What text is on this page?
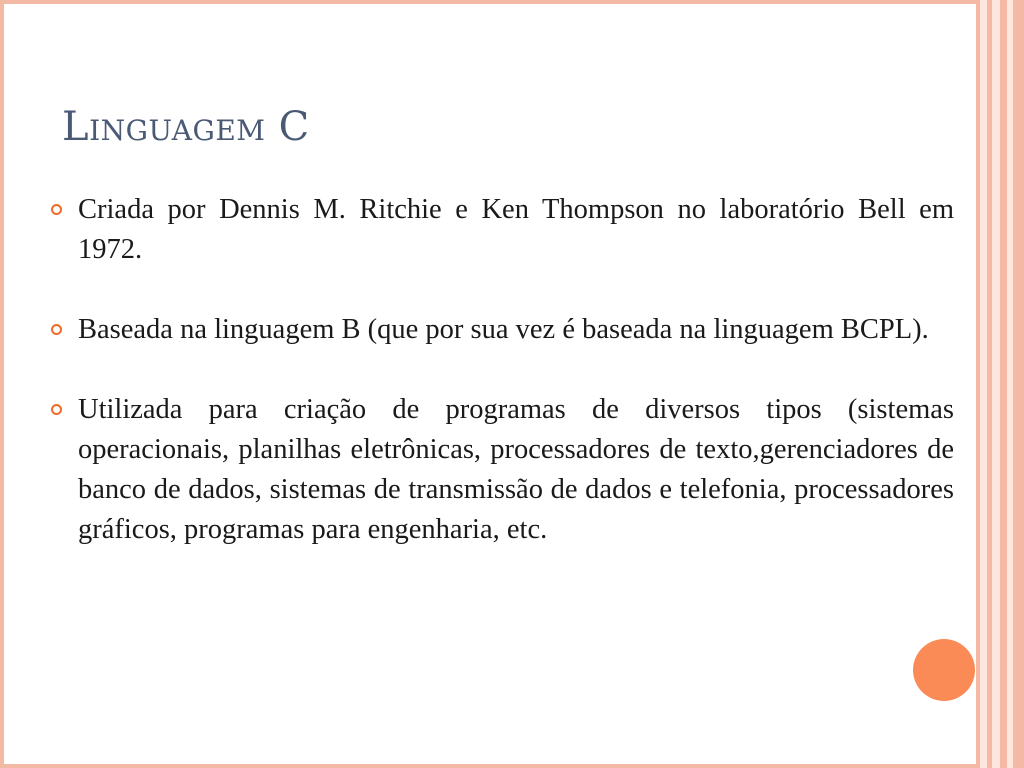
Linguagem C
Criada por Dennis M. Ritchie e Ken Thompson no laboratório Bell em 1972.
Baseada na linguagem B (que por sua vez é baseada na linguagem BCPL).
Utilizada para criação de programas de diversos tipos (sistemas operacionais, planilhas eletrônicas, processadores de texto,gerenciadores de banco de dados, sistemas de transmissão de dados e telefonia, processadores gráficos, programas para engenharia, etc.
